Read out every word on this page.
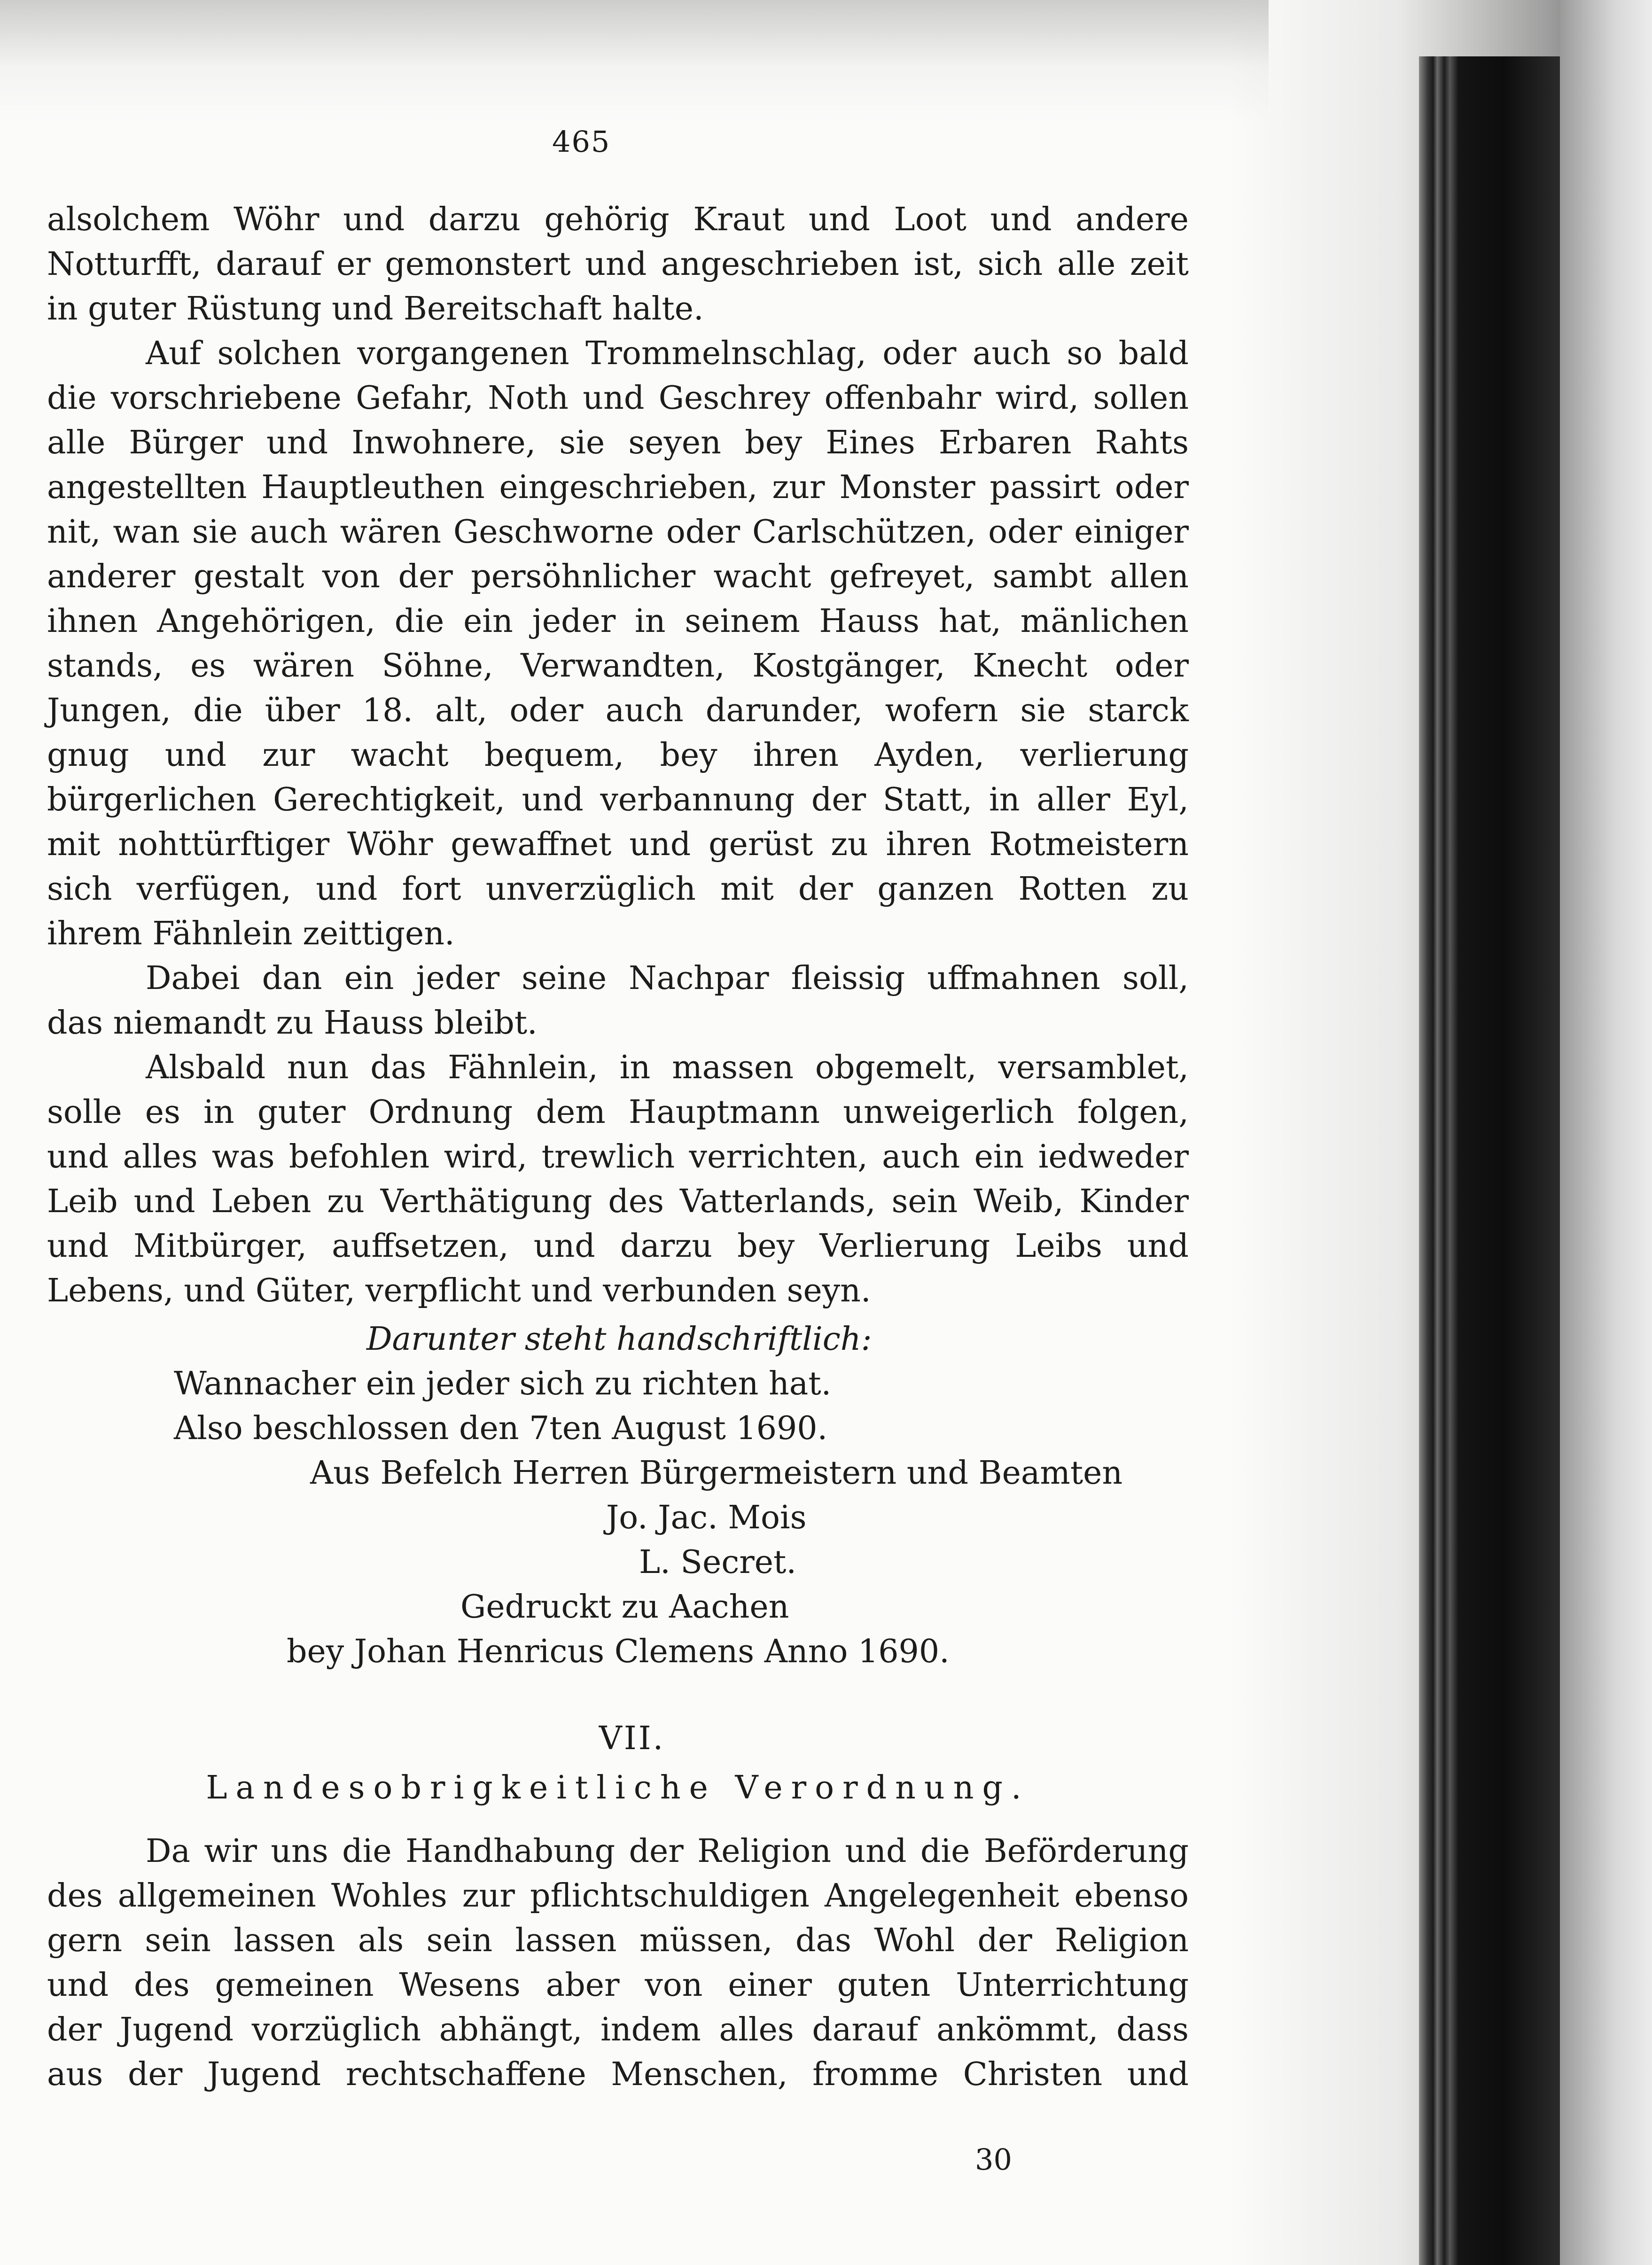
465
alsolchem Wöhr und darzu gehörig Kraut und Loot und andere
Notturfft, darauf er gemonstert und angeschrieben ist, sich alle zeit
in guter Rüstung und Bereitschaft halte.
Auf solchen vorgangenen Trommelnschlag, oder auch so bald
die vorschriebene Gefahr, Noth und Geschrey offenbahr wird, sollen
alle Bürger und Inwohnere, sie seyen bey Eines Erbaren Rahts
angestellten Hauptleuthen eingeschrieben, zur Monster passirt oder
nit, wan sie auch wären Geschworne oder Carlschützen, oder einiger
anderer gestalt von der persöhnlicher wacht gefreyet, sambt allen
ihnen Angehörigen, die ein jeder in seinem Hauss hat, mänlichen
stands, es wären Söhne, Verwandten, Kostgänger, Knecht oder
Jungen, die über 18. alt, oder auch darunder, wofern sie starck
gnug und zur wacht bequem, bey ihren Ayden, verlierung
bürgerlichen Gerechtigkeit, und verbannung der Statt, in aller Eyl,
mit nohttürftiger Wöhr gewaffnet und gerüst zu ihren Rotmeistern
sich verfügen, und fort unverzüglich mit der ganzen Rotten zu
ihrem Fähnlein zeittigen.
Dabei dan ein jeder seine Nachpar fleissig uffmahnen soll,
das niemandt zu Hauss bleibt.
Alsbald nun das Fähnlein, in massen obgemelt, versamblet,
solle es in guter Ordnung dem Hauptmann unweigerlich folgen,
und alles was befohlen wird, trewlich verrichten, auch ein iedweder
Leib und Leben zu Verthätigung des Vatterlands, sein Weib, Kinder
und Mitbürger, auffsetzen, und darzu bey Verlierung Leibs und
Lebens, und Güter, verpflicht und verbunden seyn.
Darunter steht handschriftlich:
Wannacher ein jeder sich zu richten hat.
Also beschlossen den 7ten August 1690.
Aus Befelch Herren Bürgermeistern und Beamten
Jo. Jac. Mois
L. Secret.
Gedruckt zu Aachen
bey Johan Henricus Clemens Anno 1690.
VII.
Landesobrigkeitliche Verordnung.
Da wir uns die Handhabung der Religion und die Beförderung
des allgemeinen Wohles zur pflichtschuldigen Angelegenheit ebenso
gern sein lassen als sein lassen müssen, das Wohl der Religion
und des gemeinen Wesens aber von einer guten Unterrichtung
der Jugend vorzüglich abhängt, indem alles darauf ankömmt, dass
aus der Jugend rechtschaffene Menschen, fromme Christen und
30
